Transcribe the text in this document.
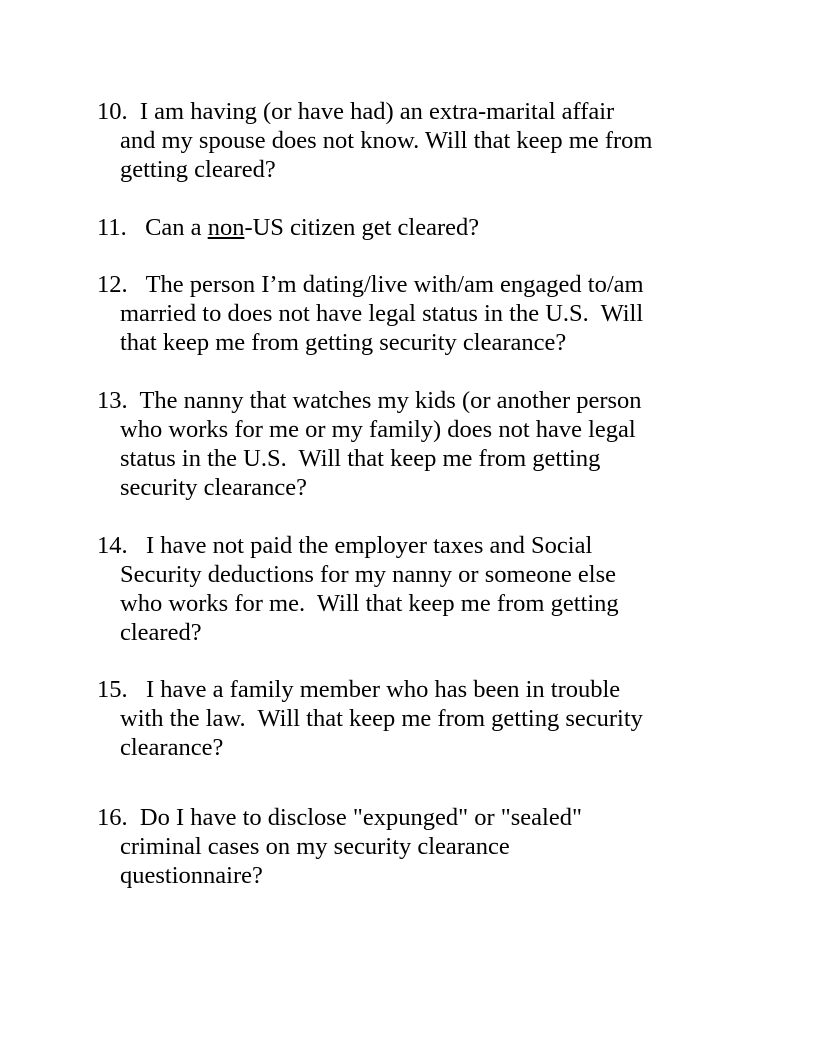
10. I am having (or have had) an extra-marital affair
and my spouse does not know. Will that keep me from
getting cleared?
11. Can a non-US citizen get cleared?
12. The person I’m dating/live with/am engaged to/am
married to does not have legal status in the U.S.  Will
that keep me from getting security clearance?
13. The nanny that watches my kids (or another person
who works for me or my family) does not have legal
status in the U.S.  Will that keep me from getting
security clearance?
14. I have not paid the employer taxes and Social
Security deductions for my nanny or someone else
who works for me.  Will that keep me from getting
cleared?
15. I have a family member who has been in trouble
with the law.  Will that keep me from getting security
clearance?
16. Do I have to disclose "expunged" or "sealed"
criminal cases on my security clearance
questionnaire?
